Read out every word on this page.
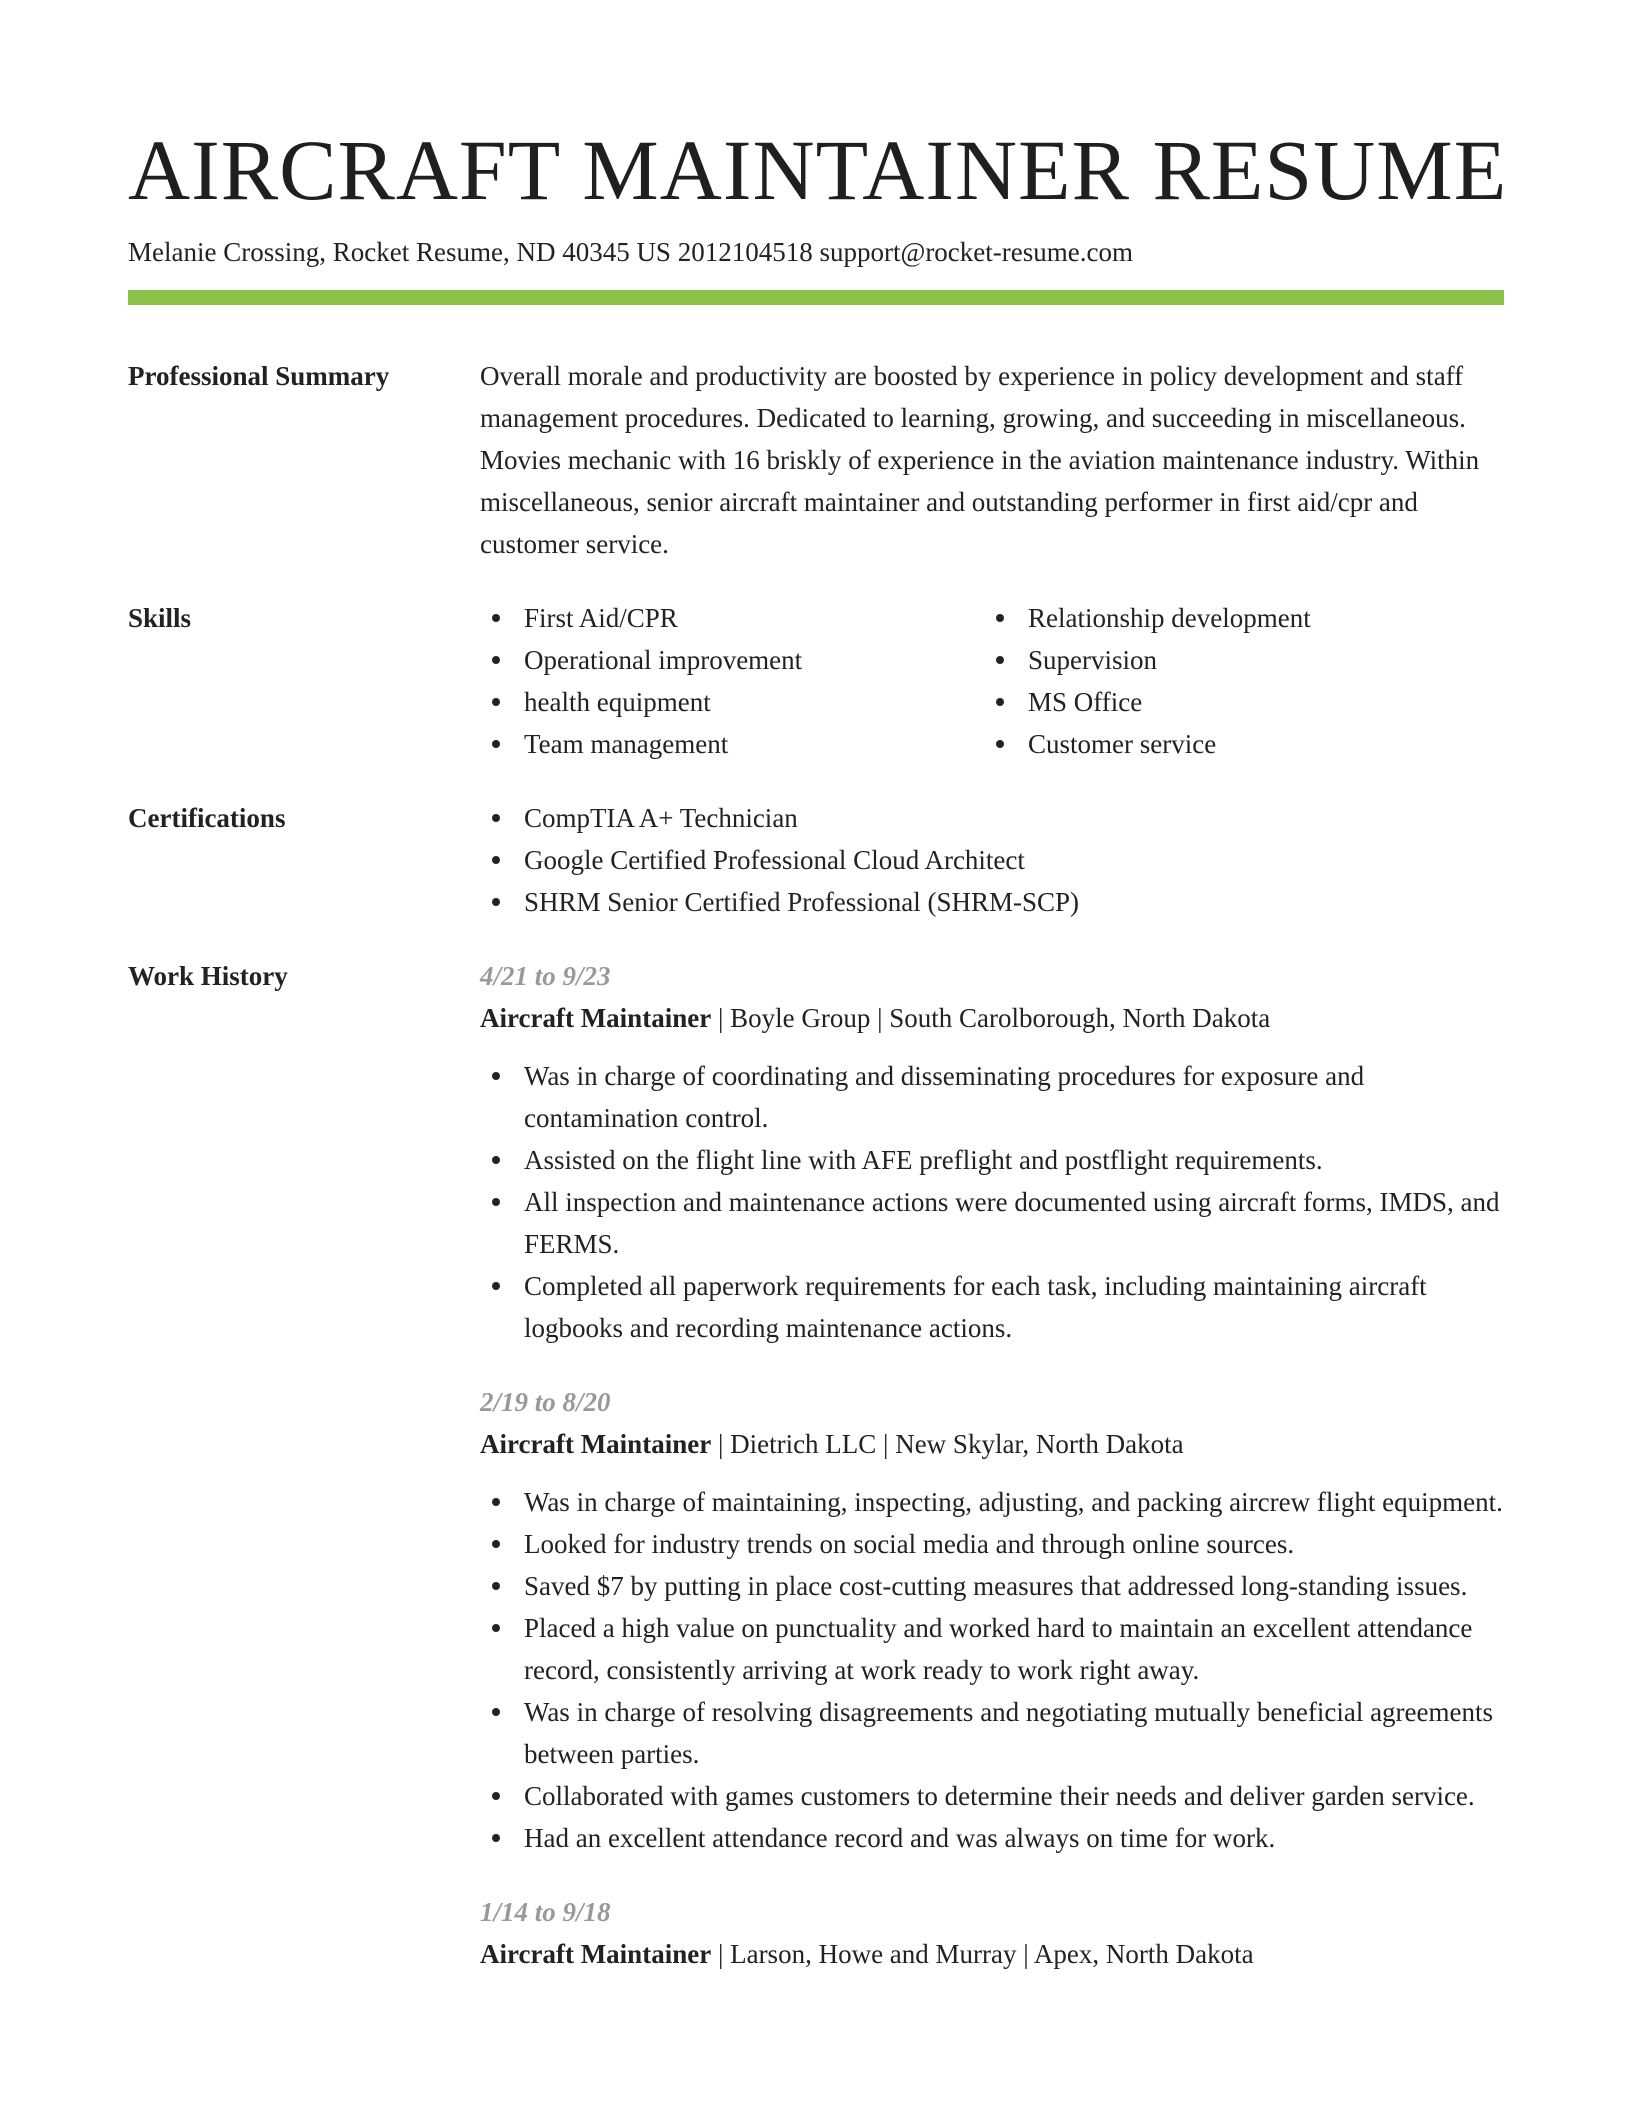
AIRCRAFT MAINTAINER RESUME
Melanie Crossing, Rocket Resume, ND 40345 US 2012104518 support@rocket-resume.com
Professional Summary	Overall morale and productivity are boosted by experience in policy development and staff management procedures. Dedicated to learning, growing, and succeeding in miscellaneous. Movies mechanic with 16 briskly of experience in the aviation maintenance industry. Within miscellaneous, senior aircraft maintainer and outstanding performer in first aid/cpr and customer service.
Skills	First Aid/CPR
Operational improvement
health equipment
Team management
Relationship development
Supervision
MS Office
Customer service
Certifications	CompTIA A+ Technician
Google Certified Professional Cloud Architect
SHRM Senior Certified Professional (SHRM-SCP)
Work History	4/21 to 9/23
Aircraft Maintainer | Boyle Group | South Carolborough, North Dakota
Was in charge of coordinating and disseminating procedures for exposure and contamination control.
Assisted on the flight line with AFE preflight and postflight requirements.
All inspection and maintenance actions were documented using aircraft forms, IMDS, and FERMS.
Completed all paperwork requirements for each task, including maintaining aircraft logbooks and recording maintenance actions.
2/19 to 8/20
Aircraft Maintainer | Dietrich LLC | New Skylar, North Dakota
Was in charge of maintaining, inspecting, adjusting, and packing aircrew flight equipment.
Looked for industry trends on social media and through online sources.
Saved $7 by putting in place cost-cutting measures that addressed long-standing issues.
Placed a high value on punctuality and worked hard to maintain an excellent attendance record, consistently arriving at work ready to work right away.
Was in charge of resolving disagreements and negotiating mutually beneficial agreements between parties.
Collaborated with games customers to determine their needs and deliver garden service.
Had an excellent attendance record and was always on time for work.
1/14 to 9/18
Aircraft Maintainer | Larson, Howe and Murray | Apex, North Dakota
